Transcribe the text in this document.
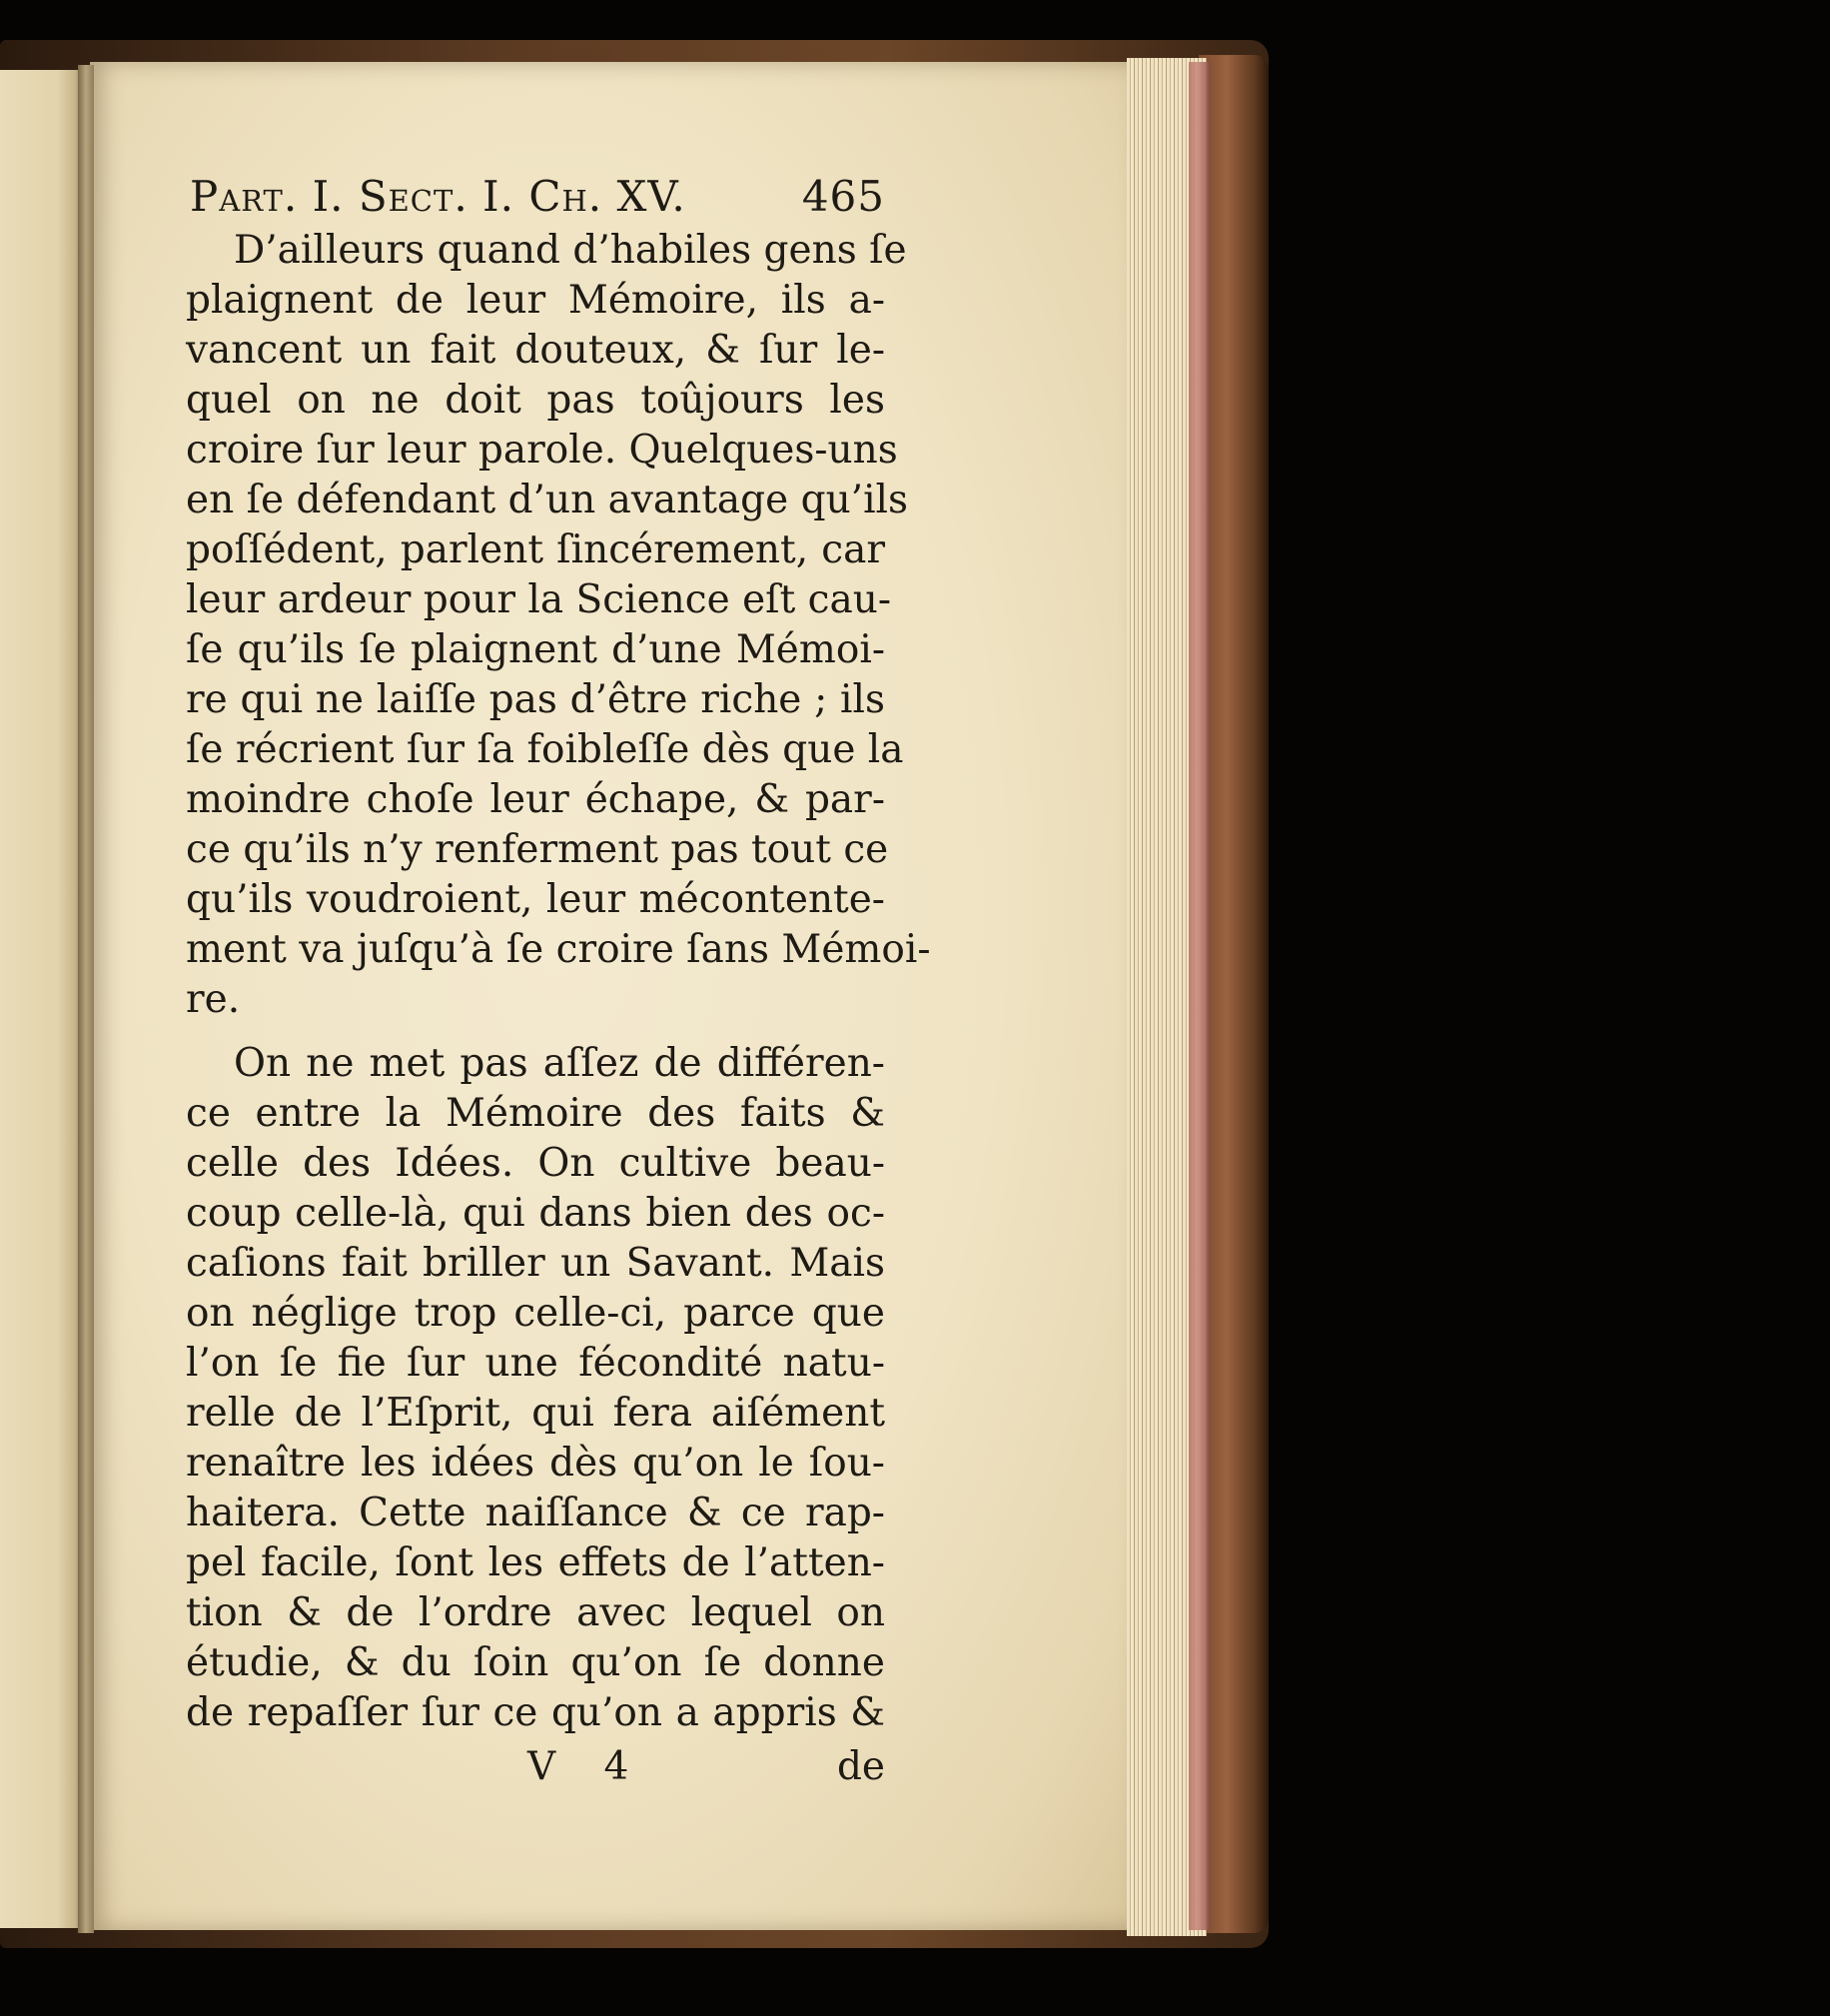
Part. I. Sect. I. Ch. XV.	465
D’ailleurs quand d’habiles gens ſe
plaignent de leur Mémoire, ils a-
vancent un fait douteux, & ſur le-
quel on ne doit pas toûjours les
croire ſur leur parole. Quelques-uns
en ſe défendant d’un avantage qu’ils
poſſédent, parlent ſincérement, car
leur ardeur pour la Science eſt cau-
ſe qu’ils ſe plaignent d’une Mémoi-
re qui ne laiſſe pas d’être riche ; ils
ſe récrient ſur ſa foibleſſe dès que la
moindre choſe leur échape, & par-
ce qu’ils n’y renferment pas tout ce
qu’ils voudroient, leur mécontente-
ment va juſqu’à ſe croire ſans Mémoi-
re.
On ne met pas aſſez de différen-
ce entre la Mémoire des faits &
celle des Idées. On cultive beau-
coup celle-là, qui dans bien des oc-
caſions fait briller un Savant. Mais
on néglige trop celle-ci, parce que
l’on ſe fie ſur une fécondité natu-
relle de l’Eſprit, qui fera aiſément
renaître les idées dès qu’on le ſou-
haitera. Cette naiſſance & ce rap-
pel facile, ſont les effets de l’atten-
tion & de l’ordre avec lequel on
étudie, & du ſoin qu’on ſe donne
de repaſſer ſur ce qu’on a appris &
V 4	de
